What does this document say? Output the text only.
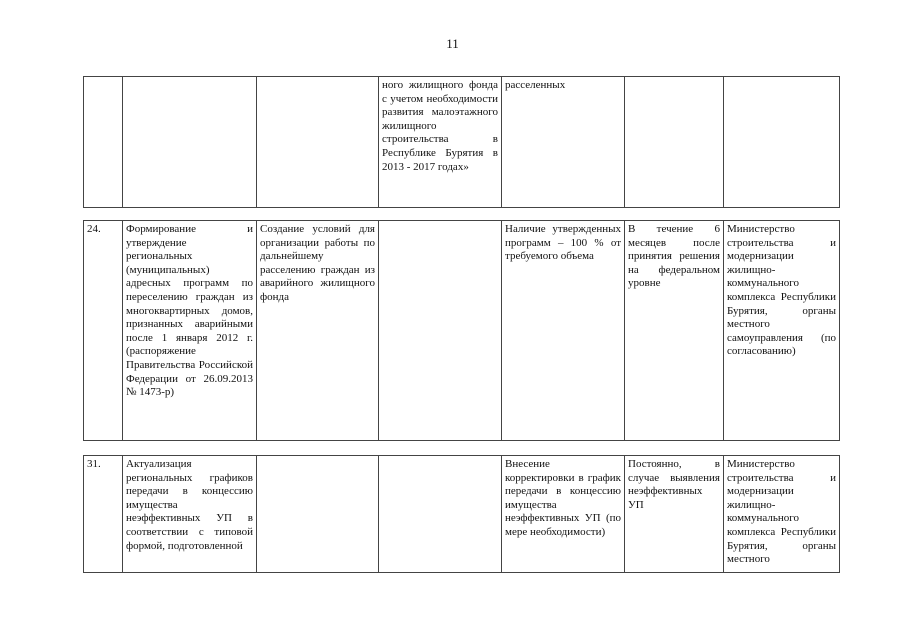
11
			ного жилищного фонда с учетом необходимости развития малоэтажного жилищного строительства в Республике Бурятия в 2013 - 2017 годах»	расселенных		
24.	Формирование и утверждение региональных (муниципальных) адресных программ по переселению граждан из многоквартирных домов, признанных аварийными после 1 января 2012 г. (распоряжение Правительства Российской Федерации от 26.09.2013 № 1473-р)	Создание условий для организации работы по дальнейшему расселению граждан из аварийного жилищного фонда		Наличие утвержденных программ – 100 % от требуемого объема	В течение 6 месяцев после принятия решения на федеральном уровне	Министерство строительства и модернизации жилищно-коммунального комплекса Республики Бурятия, органы местного самоуправления (по согласованию)
31.	Актуализация региональных графиков передачи в концессию имущества неэффективных УП в соответствии с типовой формой, подготовленной			Внесение корректировки в график передачи в концессию имущества неэффективных УП (по мере необходимости)	Постоянно, в случае выявления неэффективных УП	Министерство строительства и модернизации жилищно-коммунального комплекса Республики Бурятия, органы местного
